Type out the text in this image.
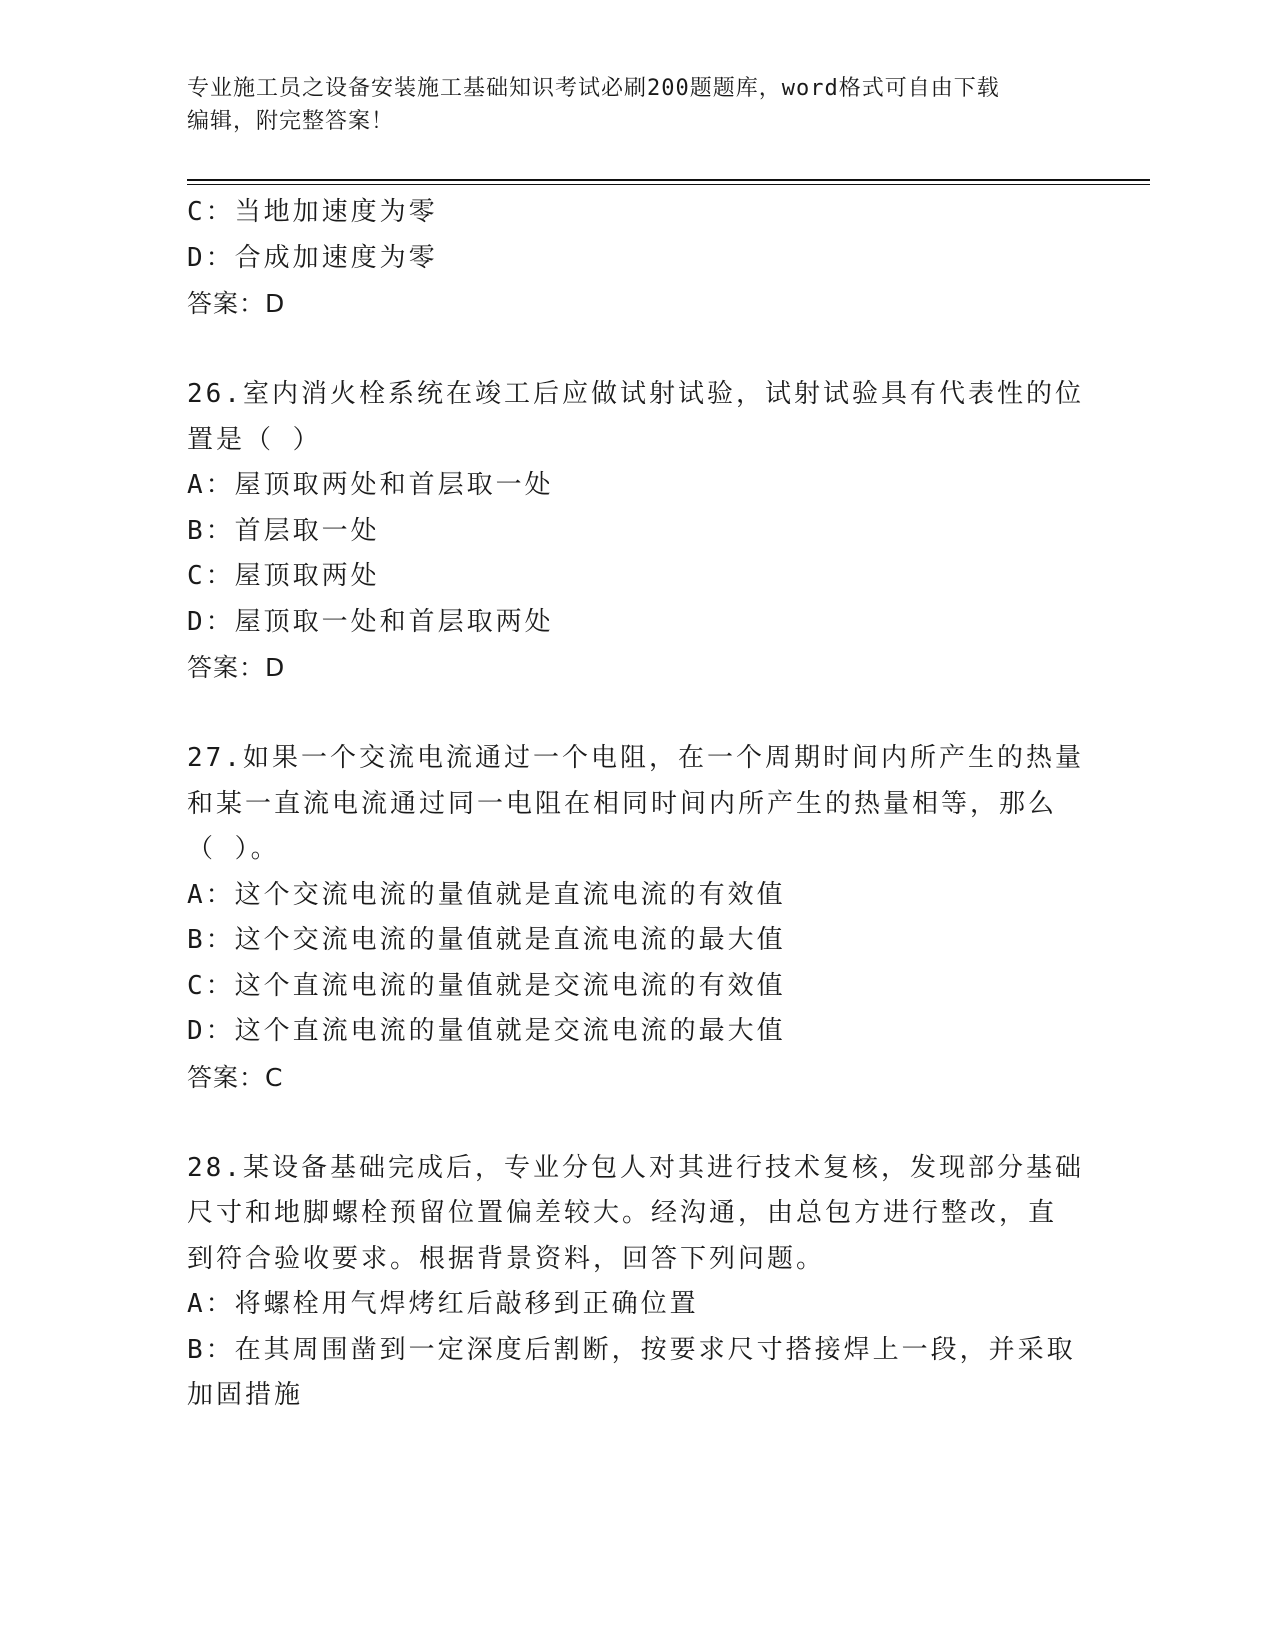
专业施工员之设备安装施工基础知识考试必刷200题题库，word格式可自由下载
编辑，附完整答案！
C：当地加速度为零
D：合成加速度为零
答案：D
26.室内消火栓系统在竣工后应做试射试验，试射试验具有代表性的位
置是（ ）
A：屋顶取两处和首层取一处
B：首层取一处
C：屋顶取两处
D：屋顶取一处和首层取两处
答案：D
27.如果一个交流电流通过一个电阻，在一个周期时间内所产生的热量
和某一直流电流通过同一电阻在相同时间内所产生的热量相等，那么
（ ）。
A：这个交流电流的量值就是直流电流的有效值
B：这个交流电流的量值就是直流电流的最大值
C：这个直流电流的量值就是交流电流的有效值
D：这个直流电流的量值就是交流电流的最大值
答案：C
28.某设备基础完成后，专业分包人对其进行技术复核，发现部分基础
尺寸和地脚螺栓预留位置偏差较大。经沟通，由总包方进行整改，直
到符合验收要求。根据背景资料，回答下列问题。
A：将螺栓用气焊烤红后敲移到正确位置
B：在其周围凿到一定深度后割断，按要求尺寸搭接焊上一段，并采取
加固措施
